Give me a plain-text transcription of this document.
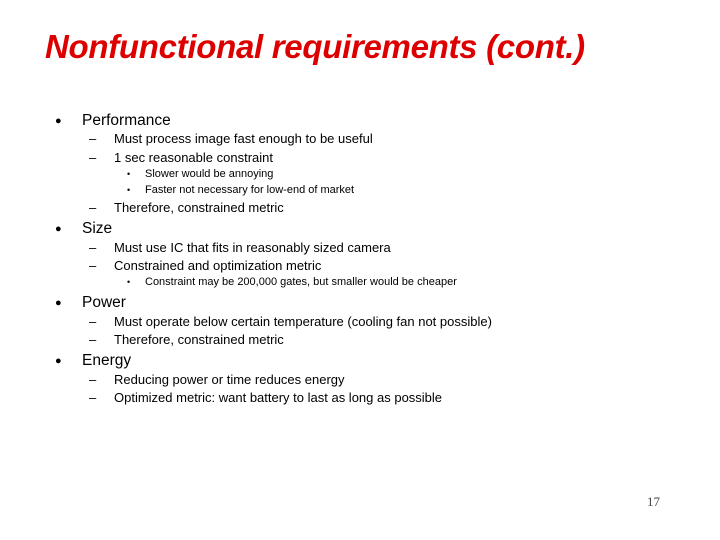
Nonfunctional requirements (cont.)
● Performance
– Must process image fast enough to be useful
– 1 sec reasonable constraint
• Slower would be annoying
• Faster not necessary for low-end of market
– Therefore, constrained metric
● Size
– Must use IC that fits in reasonably sized camera
– Constrained and optimization metric
• Constraint may be 200,000 gates, but smaller would be cheaper
● Power
– Must operate below certain temperature (cooling fan not possible)
– Therefore, constrained metric
● Energy
– Reducing power or time reduces energy
– Optimized metric: want battery to last as long as possible
17
